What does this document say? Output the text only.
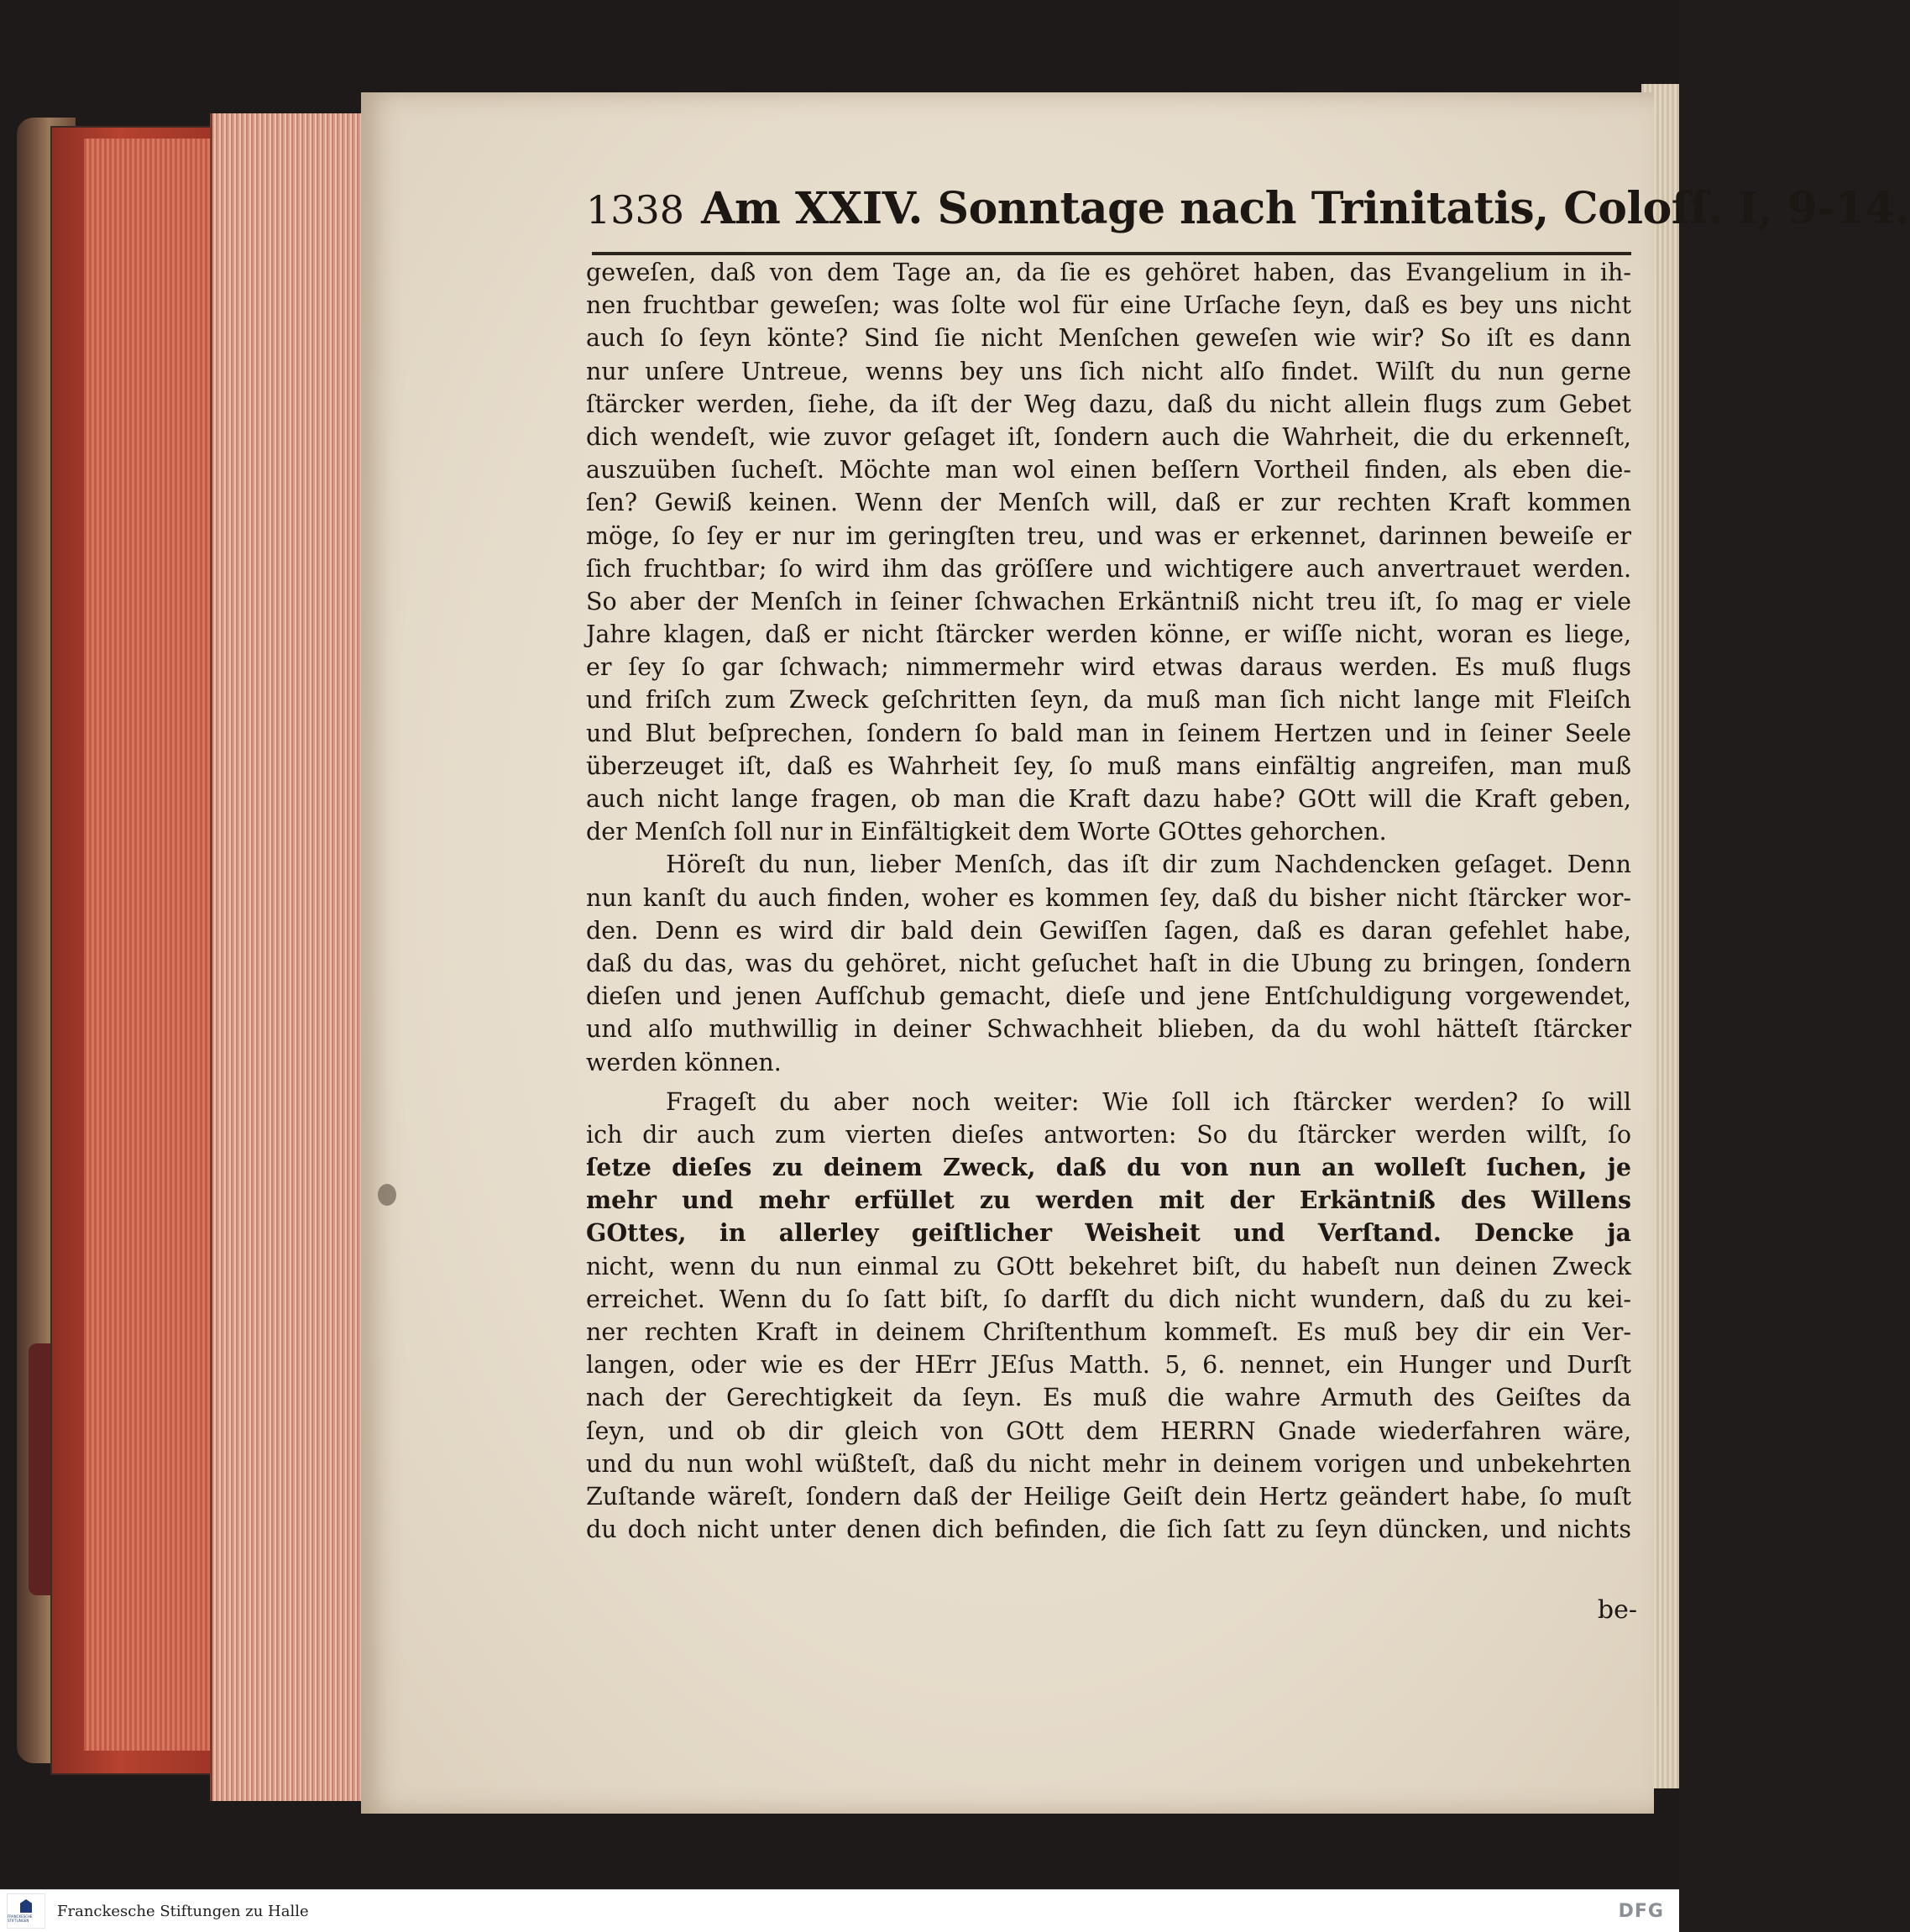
1338 Am XXIV. Sonntage nach Trinitatis, Coloſſ. I, 9-14.
geweſen, daß von dem Tage an, da ſie es gehöret haben, das Evangelium in ih-
nen fruchtbar geweſen; was ſolte wol für eine Urſache ſeyn, daß es bey uns nicht
auch ſo ſeyn könte? Sind ſie nicht Menſchen geweſen wie wir? So iſt es dann
nur unſere Untreue, wenns bey uns ſich nicht alſo findet. Wilſt du nun gerne
ſtärcker werden, ſiehe, da iſt der Weg dazu, daß du nicht allein flugs zum Gebet
dich wendeſt, wie zuvor geſaget iſt, ſondern auch die Wahrheit, die du erkenneſt,
auszuüben ſucheſt. Möchte man wol einen beſſern Vortheil finden, als eben die-
ſen? Gewiß keinen. Wenn der Menſch will, daß er zur rechten Kraft kommen
möge, ſo ſey er nur im geringſten treu, und was er erkennet, darinnen beweiſe er
ſich fruchtbar; ſo wird ihm das gröſſere und wichtigere auch anvertrauet werden.
So aber der Menſch in ſeiner ſchwachen Erkäntniß nicht treu iſt, ſo mag er viele
Jahre klagen, daß er nicht ſtärcker werden könne, er wiſſe nicht, woran es liege,
er ſey ſo gar ſchwach; nimmermehr wird etwas daraus werden. Es muß flugs
und friſch zum Zweck geſchritten ſeyn, da muß man ſich nicht lange mit Fleiſch
und Blut beſprechen, ſondern ſo bald man in ſeinem Hertzen und in ſeiner Seele
überzeuget iſt, daß es Wahrheit ſey, ſo muß mans einfältig angreifen, man muß
auch nicht lange fragen, ob man die Kraft dazu habe? GOtt will die Kraft geben,
der Menſch ſoll nur in Einfältigkeit dem Worte GOttes gehorchen.
Höreſt du nun, lieber Menſch, das iſt dir zum Nachdencken geſaget. Denn
nun kanſt du auch finden, woher es kommen ſey, daß du bisher nicht ſtärcker wor-
den. Denn es wird dir bald dein Gewiſſen ſagen, daß es daran gefehlet habe,
daß du das, was du gehöret, nicht geſuchet haſt in die Ubung zu bringen, ſondern
dieſen und jenen Aufſchub gemacht, dieſe und jene Entſchuldigung vorgewendet,
und alſo muthwillig in deiner Schwachheit blieben, da du wohl hätteſt ſtärcker
werden können.
Frageſt du aber noch weiter: Wie ſoll ich ſtärcker werden? ſo will
ich dir auch zum vierten dieſes antworten: So du ſtärcker werden wilſt, ſo
ſetze dieſes zu deinem Zweck, daß du von nun an wolleſt ſuchen, je
mehr und mehr erfüllet zu werden mit der Erkäntniß des Willens
GOttes, in allerley geiſtlicher Weisheit und Verſtand. Dencke ja
nicht, wenn du nun einmal zu GOtt bekehret biſt, du habeſt nun deinen Zweck
erreichet. Wenn du ſo ſatt biſt, ſo darfſt du dich nicht wundern, daß du zu kei-
ner rechten Kraft in deinem Chriſtenthum kommeſt. Es muß bey dir ein Ver-
langen, oder wie es der HErr JEſus Matth. 5, 6. nennet, ein Hunger und Durſt
nach der Gerechtigkeit da ſeyn. Es muß die wahre Armuth des Geiſtes da
ſeyn, und ob dir gleich von GOtt dem HERRN Gnade wiederfahren wäre,
und du nun wohl wüßteſt, daß du nicht mehr in deinem vorigen und unbekehrten
Zuſtande wäreſt, ſondern daß der Heilige Geiſt dein Hertz geändert habe, ſo muſt
du doch nicht unter denen dich befinden, die ſich ſatt zu ſeyn düncken, und nichts
be-
FRANCKESCHE STIFTUNGEN
Franckesche Stiftungen zu Halle	DFG
